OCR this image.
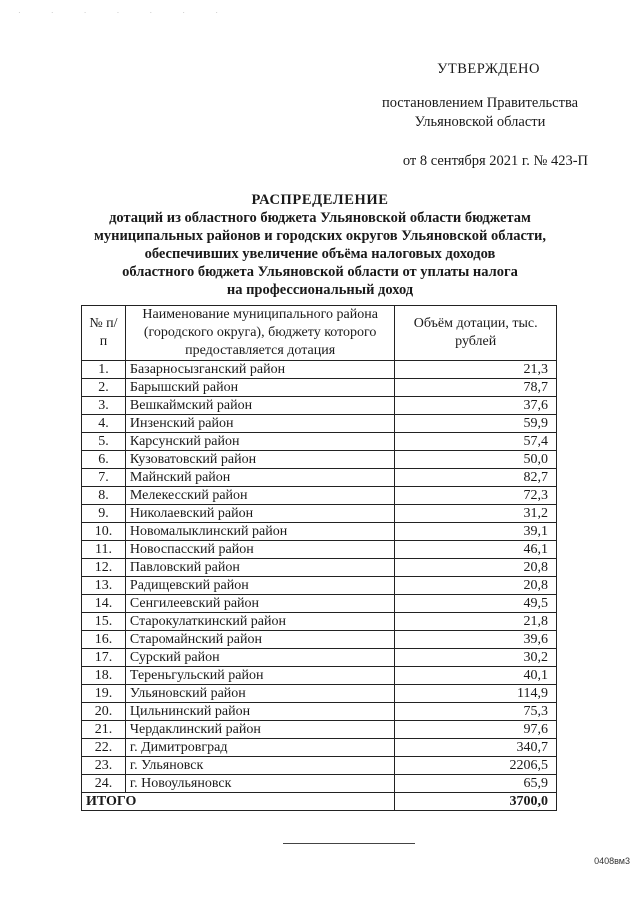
· · · · · · ·
УТВЕРЖДЕНО
постановлением Правительства
Ульяновской области
от 8 сентября 2021 г. № 423-П
РАСПРЕДЕЛЕНИЕ
дотаций из областного бюджета Ульяновской области бюджетам
муниципальных районов и городских округов Ульяновской области,
обеспечивших увеличение объёма налоговых доходов
областного бюджета Ульяновской области от уплаты налога
на профессиональный доход
№ п/п	Наименование муниципального района (городского округа), бюджету которого предоставляется дотация	Объём дотации, тыс. рублей
1.	Базарносызганский район	21,3
2.	Барышский район	78,7
3.	Вешкаймский район	37,6
4.	Инзенский район	59,9
5.	Карсунский район	57,4
6.	Кузоватовский район	50,0
7.	Майнский район	82,7
8.	Мелекесский район	72,3
9.	Николаевский район	31,2
10.	Новомалыклинский район	39,1
11.	Новоспасский район	46,1
12.	Павловский район	20,8
13.	Радищевский район	20,8
14.	Сенгилеевский район	49,5
15.	Старокулаткинский район	21,8
16.	Старомайнский район	39,6
17.	Сурский район	30,2
18.	Тереньгульский район	40,1
19.	Ульяновский район	114,9
20.	Цильнинский район	75,3
21.	Чердаклинский район	97,6
22.	г. Димитровград	340,7
23.	г. Ульяновск	2206,5
24.	г. Новоульяновск	65,9
ИТОГО		3700,0
0408вм3
